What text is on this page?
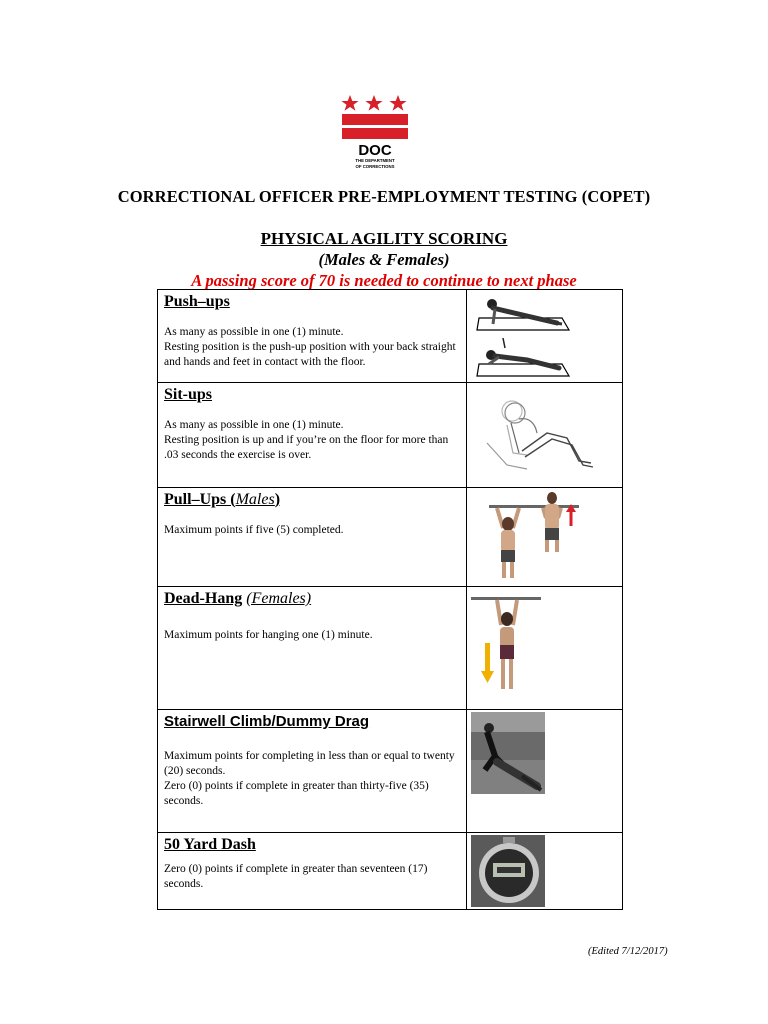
DOC
THE DEPARTMENT
OF CORRECTIONS
CORRECTIONAL OFFICER PRE-EMPLOYMENT TESTING (COPET)
PHYSICAL AGILITY SCORING
(Males & Females)
A passing score of 70 is needed to continue to next phase
Push–ups
As many as possible in one (1) minute.
Resting position is the push-up position with your back straight and hands and feet in contact with the floor.

Sit-ups
As many as possible in one (1) minute.
Resting position is up and if you’re on the floor for more than .03 seconds the exercise is over.

Pull–Ups (Males)
Maximum points if five (5) completed.

Dead-Hang (Females)
Maximum points for hanging one (1) minute.

Stairwell Climb/Dummy Drag
Maximum points for completing in less than or equal to twenty (20) seconds.
Zero (0) points if complete in greater than thirty-five (35) seconds.

50 Yard Dash
Zero (0) points if complete in greater than seventeen (17) seconds.

(Edited 7/12/2017)
